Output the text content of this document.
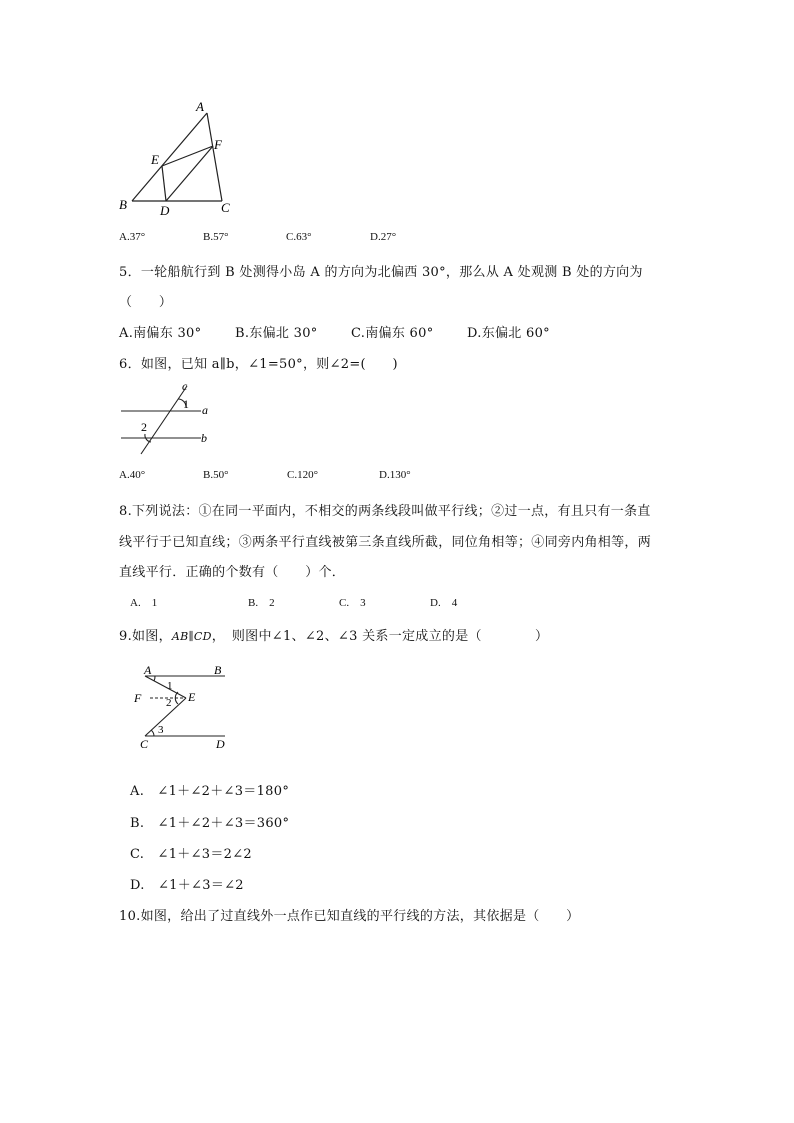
A
E
F
B	D	C
A.37°	B.57°	C.63°	D.27°
5．一轮船航行到 B 处测得小岛 A 的方向为北偏西 30°，那么从 A 处观测 B 处的方向为
（　　）
A.南偏东 30°	B.东偏北 30°	C.南偏东 60°	D.东偏北 60°
6．如图，已知 a∥b，∠1=50°，则∠2=(　　)
c
1 a
2
b
A.40°	B.50°	C.120°	D.130°
8.下列说法：①在同一平面内，不相交的两条线段叫做平行线；②过一点，有且只有一条直
线平行于已知直线；③两条平行直线被第三条直线所截，同位角相等；④同旁内角相等，两
直线平行．正确的个数有（　　）个．
A.　1	B.　2	C.　3	D.　4
9.如图，AB∥CD，　则图中∠1、∠2、∠3 关系一定成立的是（　　　　）
A	B
1
F 2 E
3
C	D
A.　∠1＋∠2＋∠3＝180°
B.　∠1＋∠2＋∠3＝360°
C.　∠1＋∠3＝2∠2
D.　∠1＋∠3＝∠2
10.如图，给出了过直线外一点作已知直线的平行线的方法，其依据是（　　）
